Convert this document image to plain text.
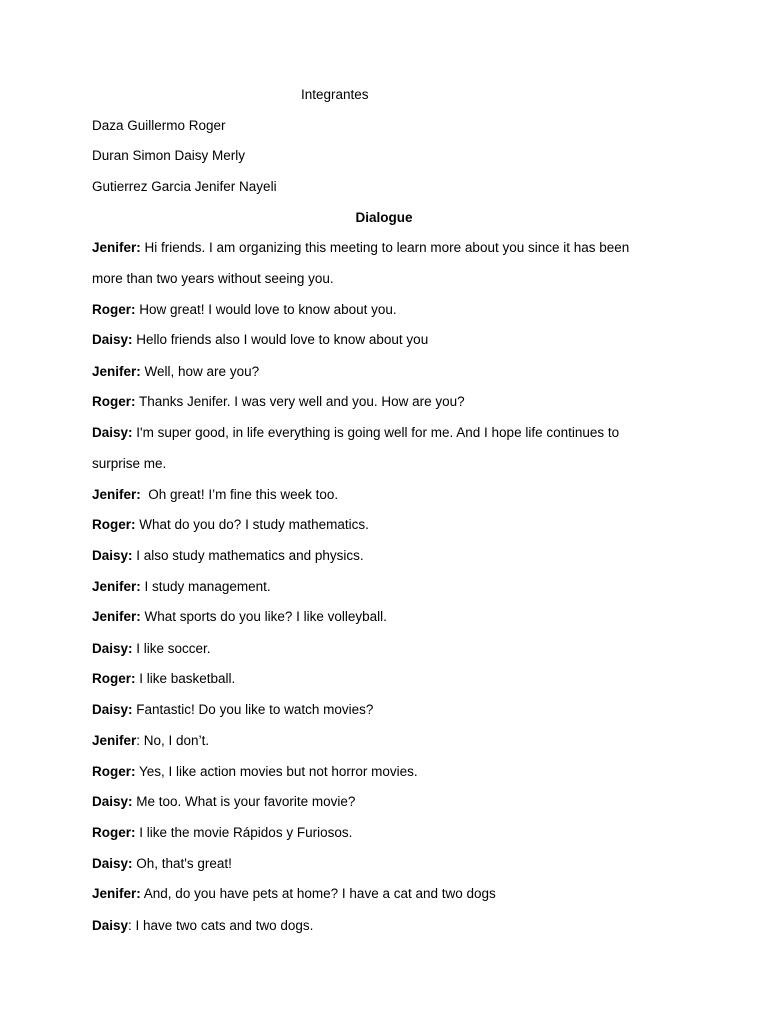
Integrantes
Daza Guillermo Roger
Duran Simon Daisy Merly
Gutierrez Garcia Jenifer Nayeli
Dialogue
Jenifer: Hi friends. I am organizing this meeting to learn more about you since it has been
more than two years without seeing you.
Roger: How great! I would love to know about you.
Daisy: Hello friends also I would love to know about you
Jenifer: Well, how are you?
Roger: Thanks Jenifer. I was very well and you. How are you?
Daisy: I'm super good, in life everything is going well for me. And I hope life continues to
surprise me.
Jenifer:  Oh great! I’m fine this week too.
Roger: What do you do? I study mathematics.
Daisy: I also study mathematics and physics.
Jenifer: I study management.
Jenifer: What sports do you like? I like volleyball.
Daisy: I like soccer.
Roger: I like basketball.
Daisy: Fantastic! Do you like to watch movies?
Jenifer: No, I don’t.
Roger: Yes, I like action movies but not horror movies.
Daisy: Me too. What is your favorite movie?
Roger: I like the movie Rápidos y Furiosos.
Daisy: Oh, that's great!
Jenifer: And, do you have pets at home? I have a cat and two dogs
Daisy: I have two cats and two dogs.
